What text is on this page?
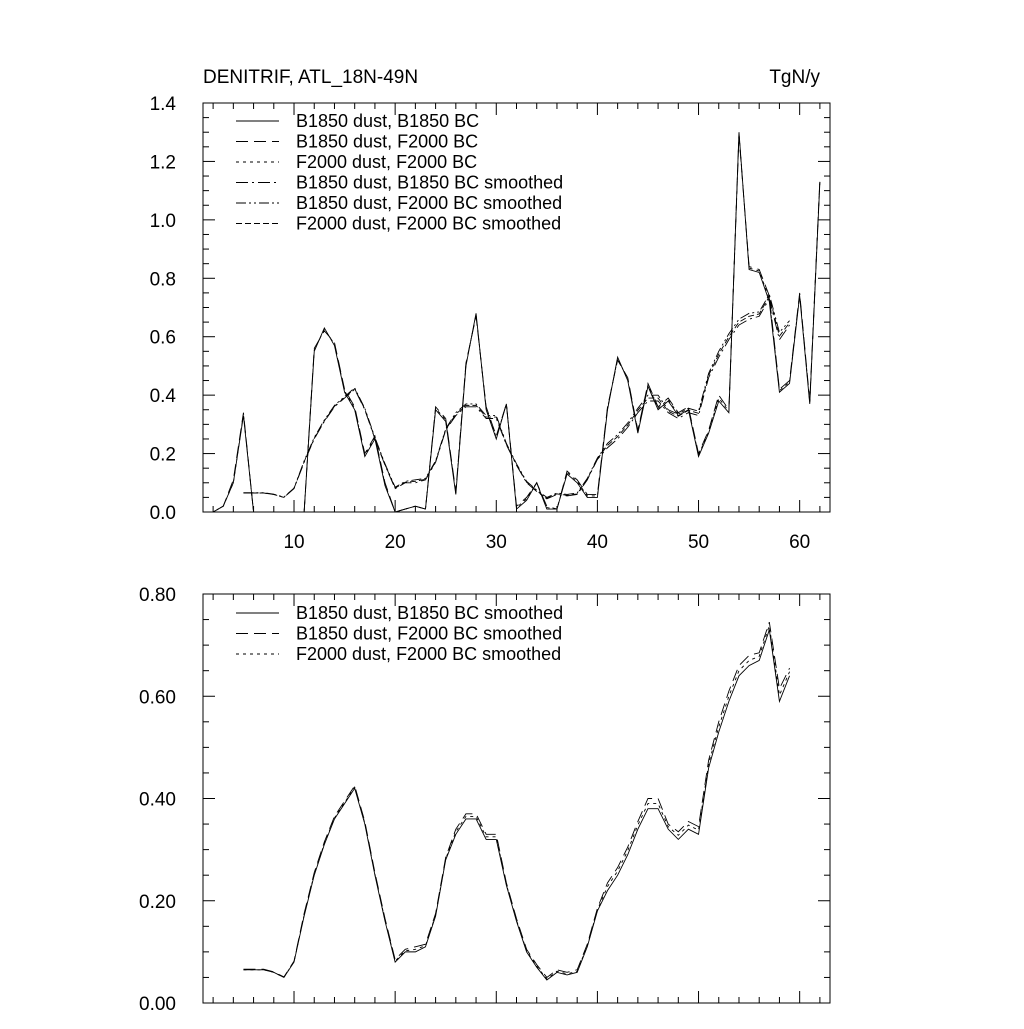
DENITRIF, ATL_18N-49N	TgN/y
10	20	30	40	50	60
0.0
0.2
0.4
0.6
0.8
1.0
1.2
1.4
B1850 dust, B1850 BC
B1850 dust, F2000 BC
F2000 dust, F2000 BC
B1850 dust, B1850 BC smoothed
B1850 dust, F2000 BC smoothed
F2000 dust, F2000 BC smoothed
0.00
0.20
0.40
0.60
0.80
B1850 dust, B1850 BC smoothed
B1850 dust, F2000 BC smoothed
F2000 dust, F2000 BC smoothed
